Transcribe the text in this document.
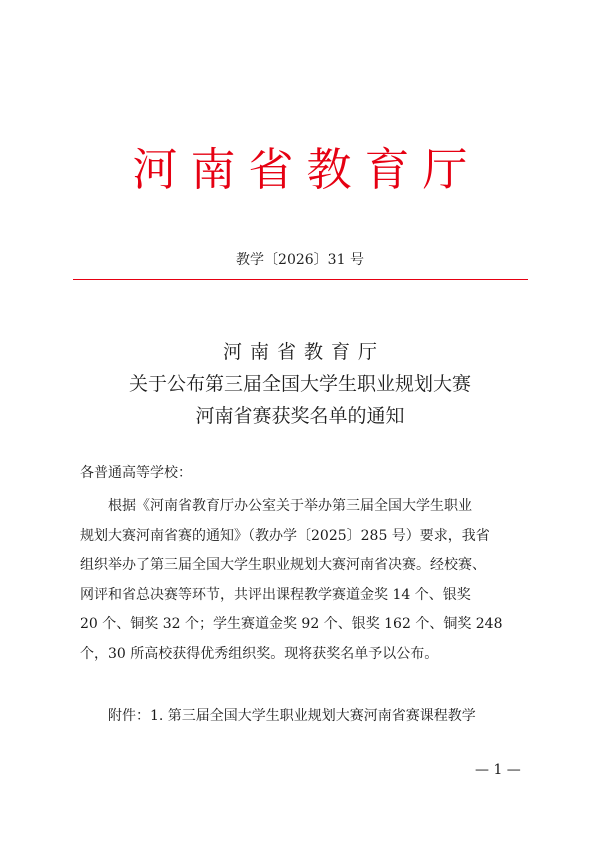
河南省教育厅
教学〔2026〕31 号
河南省教育厅
关于公布第三届全国大学生职业规划大赛
河南省赛获奖名单的通知
各普通高等学校：
根据《河南省教育厅办公室关于举办第三届全国大学生职业
规划大赛河南省赛的通知》（教办学〔2025〕285 号）要求，我省
组织举办了第三届全国大学生职业规划大赛河南省决赛。经校赛、
网评和省总决赛等环节，共评出课程教学赛道金奖 14 个、银奖
20 个、铜奖 32 个；学生赛道金奖 92 个、银奖 162 个、铜奖 248
个，30 所高校获得优秀组织奖。现将获奖名单予以公布。
附件：1. 第三届全国大学生职业规划大赛河南省赛课程教学
— 1 —
